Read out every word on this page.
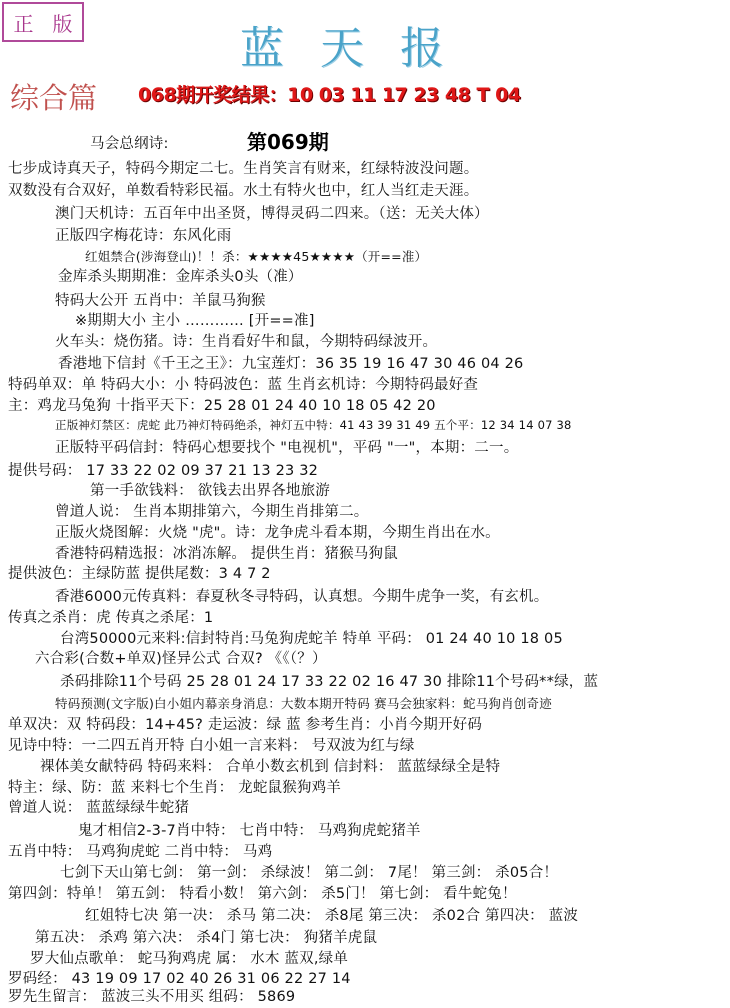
正 版	蓝天报
综合篇 068期开奖结果：10 03 11 17 23 48 T 04
第069期
马会总纲诗:
七步成诗真天子，特码今期定二七。生肖笑言有财来，红绿特波没问题。
双数没有合双好，单数看特彩民福。水土有特火也中，红人当红走天涯。
澳门天机诗：五百年中出圣贤，博得灵码二四来。（送：无关大体）
正版四字梅花诗：东风化雨
红姐禁合(涉海登山)！！杀：★★★★45★★★★（开==准）
金库杀头期期准：金库杀头0头（准）
特码大公开 五肖中：羊鼠马狗猴
※期期大小 主小 ………… [开==准]
火车头：烧伤猪。诗：生肖看好牛和鼠，今期特码绿波开。
香港地下信封《千王之王》：九宝莲灯：36 35 19 16 47 30 46 04 26
特码单双：单 特码大小：小 特码波色：蓝 生肖玄机诗：今期特码最好查
主：鸡龙马兔狗 十指平天下：25 28 01 24 40 10 18 05 42 20
正版神灯禁区：虎蛇 此乃神灯特码绝杀，神灯五中特：41 43 39 31 49 五个平：12 34 14 07 38
正版特平码信封：特码心想要找个 "电视机"，平码 "一"，本期：二一。
提供号码： 17 33 22 02 09 37 21 13 23 32
第一手欲钱料： 欲钱去出界各地旅游
曾道人说： 生肖本期排第六，今期生肖排第二。
正版火烧图解：火烧 "虎"。诗：龙争虎斗看本期，今期生肖出在水。
香港特码精选报：冰消冻解。 提供生肖：猪猴马狗鼠
提供波色：主绿防蓝 提供尾数：3 4 7 2
香港6000元传真料：春夏秋冬寻特码，认真想。今期牛虎争一奖，有玄机。
传真之杀肖：虎 传真之杀尾：1
台湾50000元来料:信封特肖:马兔狗虎蛇羊 特单 平码： 01 24 40 10 18 05
六合彩(合数+单双)怪异公式 合双? 《《（？）
杀码排除11个号码 25 28 01 24 17 33 22 02 16 47 30 排除11个号码**绿，蓝
特码预测(文字版)白小姐内幕亲身消息：大数本期开特码 赛马会独家料：蛇马狗肖创奇迹
单双决：双 特码段：14+45? 走运波：绿 蓝 参考生肖：小肖今期开好码
见诗中特：一二四五肖开特 白小姐一言来料： 号双波为红与绿
裸体美女献特码 特码来料： 合单小数玄机到 信封料： 蓝蓝绿绿全是特
特主：绿、防：蓝 来料七个生肖： 龙蛇鼠猴狗鸡羊
曾道人说： 蓝蓝绿绿牛蛇猪
鬼才相信2-3-7肖中特： 七肖中特： 马鸡狗虎蛇猪羊
五肖中特： 马鸡狗虎蛇 二肖中特： 马鸡
七剑下天山第七剑： 第一剑： 杀绿波！ 第二剑： 7尾！ 第三剑： 杀05合！
第四剑：特单！ 第五剑： 特看小数！ 第六剑： 杀5门！ 第七剑： 看牛蛇兔！
红姐特七决 第一决： 杀马 第二决： 杀8尾 第三决： 杀02合 第四决： 蓝波
第五决： 杀鸡 第六决： 杀4门 第七决： 狗猪羊虎鼠
罗大仙点歌单： 蛇马狗鸡虎 属： 水木 蓝双,绿单
罗码经： 43 19 09 17 02 40 26 31 06 22 27 14
罗先生留言： 蓝波三头不用买 组码： 5869
